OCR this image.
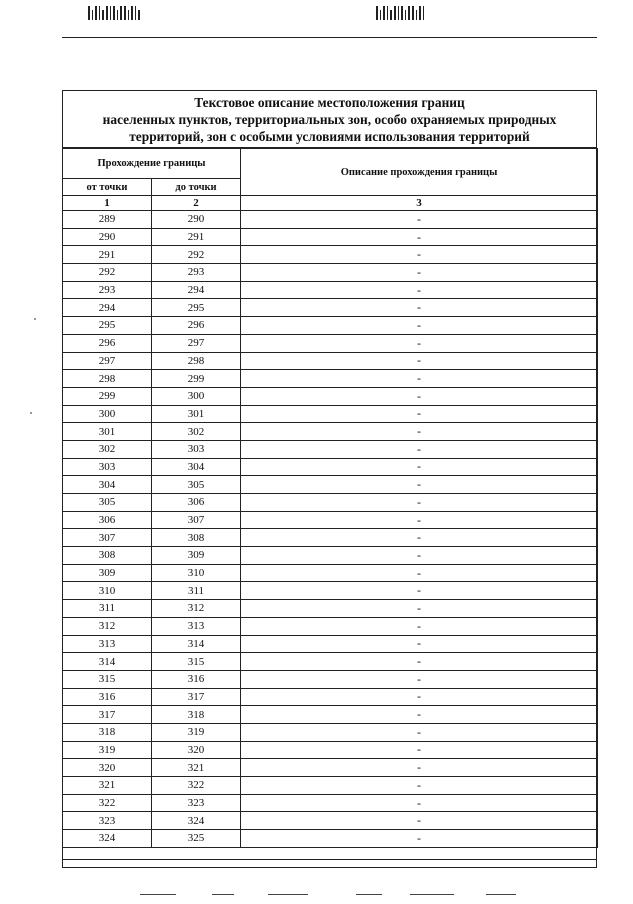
Текстовое описание местоположения границ
населенных пунктов, территориальных зон, особо охраняемых природных
территорий, зон с особыми условиями использования территорий
Прохождение границы		Описание прохождения границы
от точки	до точки	
1	2	3
289	290	-
290	291	-
291	292	-
292	293	-
293	294	-
294	295	-
295	296	-
296	297	-
297	298	-
298	299	-
299	300	-
300	301	-
301	302	-
302	303	-
303	304	-
304	305	-
305	306	-
306	307	-
307	308	-
308	309	-
309	310	-
310	311	-
311	312	-
312	313	-
313	314	-
314	315	-
315	316	-
316	317	-
317	318	-
318	319	-
319	320	-
320	321	-
321	322	-
322	323	-
323	324	-
324	325	-
